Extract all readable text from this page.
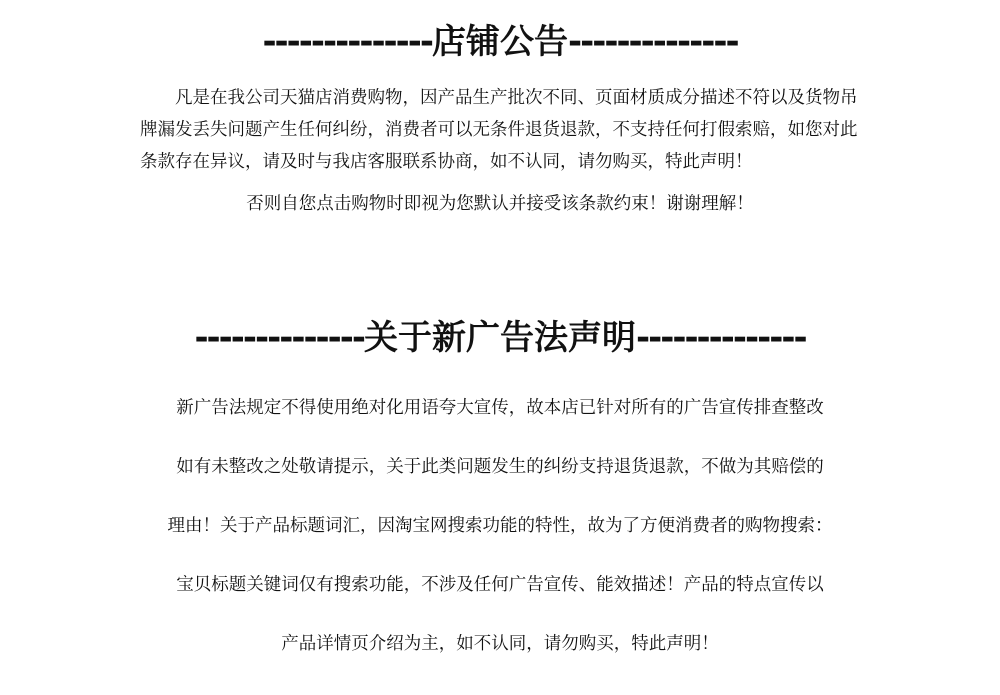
--------------店铺公告--------------

凡是在我公司天猫店消费购物，因产品生产批次不同、页面材质成分描述不符以及货物吊牌漏发丢失问题产生任何纠纷，消费者可以无条件退货退款，不支持任何打假索赔，如您对此条款存在异议，请及时与我店客服联系协商，如不认同，请勿购买，特此声明！

否则自您点击购物时即视为您默认并接受该条款约束！谢谢理解！

--------------关于新广告法声明--------------
新广告法规定不得使用绝对化用语夸大宣传，故本店已针对所有的广告宣传排查整改
如有未整改之处敬请提示，关于此类问题发生的纠纷支持退货退款，不做为其赔偿的
理由！关于产品标题词汇，因淘宝网搜索功能的特性，故为了方便消费者的购物搜索：
宝贝标题关键词仅有搜索功能，不涉及任何广告宣传、能效描述！产品的特点宣传以
产品详情页介绍为主，如不认同，请勿购买，特此声明！
